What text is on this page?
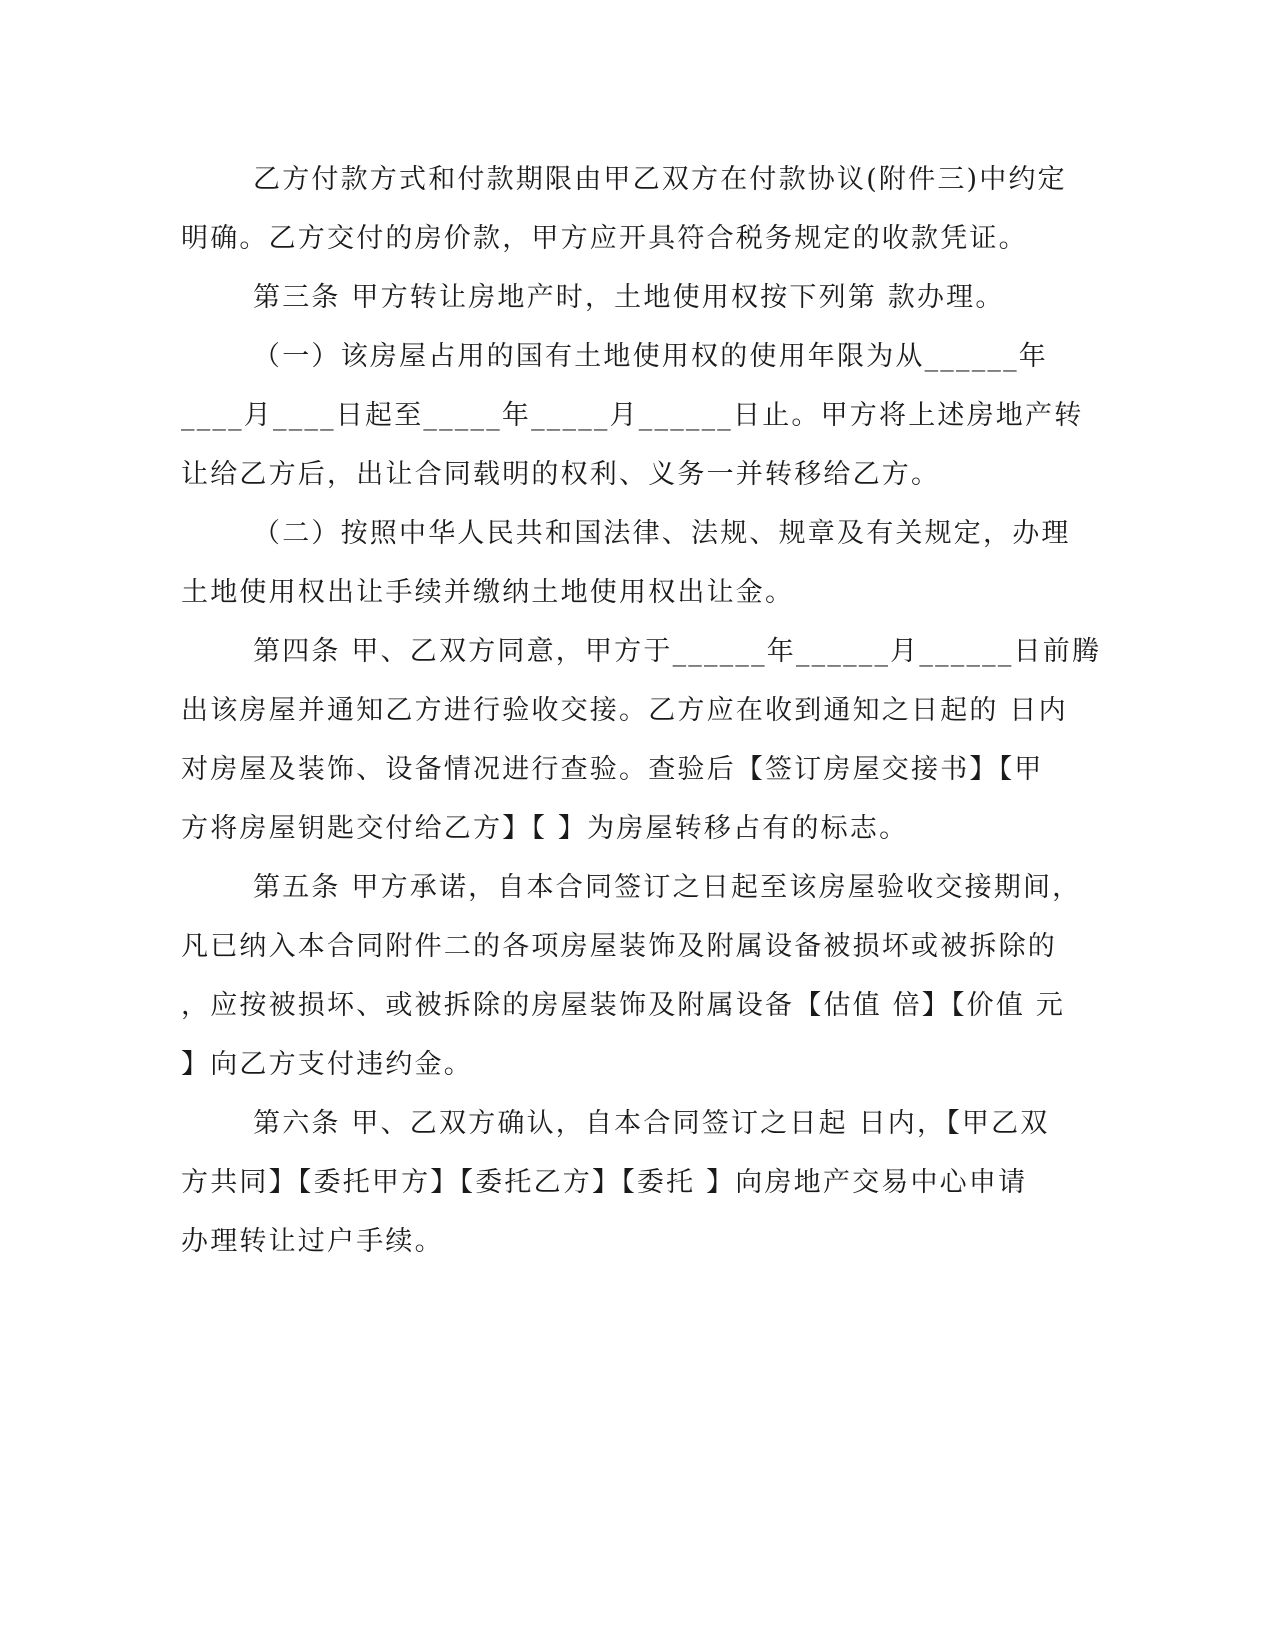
乙方付款方式和付款期限由甲乙双方在付款协议(附件三)中约定

明确。乙方交付的房价款，甲方应开具符合税务规定的收款凭证。

第三条 甲方转让房地产时，土地使用权按下列第 款办理。

（一）该房屋占用的国有土地使用权的使用年限为从______年

____月____日起至_____年_____月______日止。甲方将上述房地产转

让给乙方后，出让合同载明的权利、义务一并转移给乙方。

（二）按照中华人民共和国法律、法规、规章及有关规定，办理

土地使用权出让手续并缴纳土地使用权出让金。

第四条 甲、乙双方同意，甲方于______年______月______日前腾

出该房屋并通知乙方进行验收交接。乙方应在收到通知之日起的 日内

对房屋及装饰、设备情况进行查验。查验后【签订房屋交接书】【甲

方将房屋钥匙交付给乙方】【 】为房屋转移占有的标志。

第五条 甲方承诺，自本合同签订之日起至该房屋验收交接期间，

凡已纳入本合同附件二的各项房屋装饰及附属设备被损坏或被拆除的

，应按被损坏、或被拆除的房屋装饰及附属设备【估值 倍】【价值 元

】向乙方支付违约金。

第六条 甲、乙双方确认，自本合同签订之日起 日内，【甲乙双

方共同】【委托甲方】【委托乙方】【委托 】向房地产交易中心申请

办理转让过户手续。
